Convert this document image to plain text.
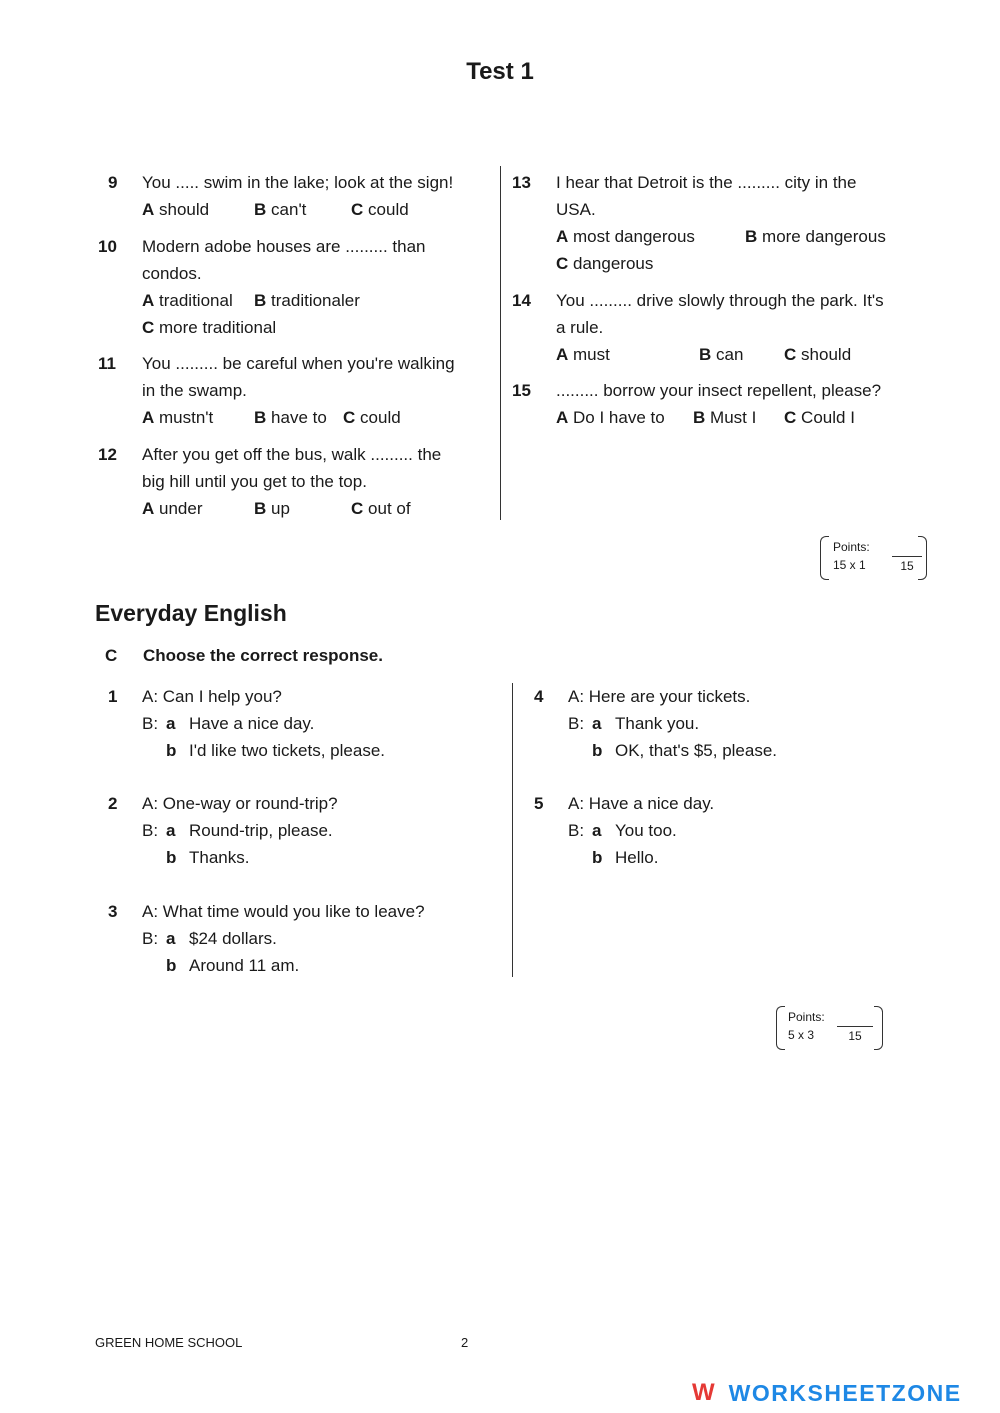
Test 1
9 You ..... swim in the lake; look at the sign!
A should	B can't	C could
10 Modern adobe houses are ......... than
condos.
A traditional B traditionaler
C more traditional
11 You ......... be careful when you're walking
in the swamp.
A mustn't B have to C could
12 After you get off the bus, walk ......... the
big hill until you get to the top.
A under	B up	C out of
13 I hear that Detroit is the ......... city in the
USA.
A most dangerous	B more dangerous
C dangerous
14 You ......... drive slowly through the park. It's
a rule.
A must	B can C should
15 ......... borrow your insect repellent, please?
A Do I have to B Must I C Could I
Points:
15 x 1	15
Everyday English
C Choose the correct response.
1 A: Can I help you?
B: a Have a nice day.
b I'd like two tickets, please.
2 A: One-way or round-trip?
B: a Round-trip, please.
b Thanks.
3 A: What time would you like to leave?
B: a $24 dollars.
b Around 11 am.
4 A: Here are your tickets.
B: a Thank you.
b OK, that's $5, please.
5 A: Have a nice day.
B: a You too.
b Hello.
Points:
5 x 3	15
GREEN HOME SCHOOL	2
W WORKSHEETZONE
